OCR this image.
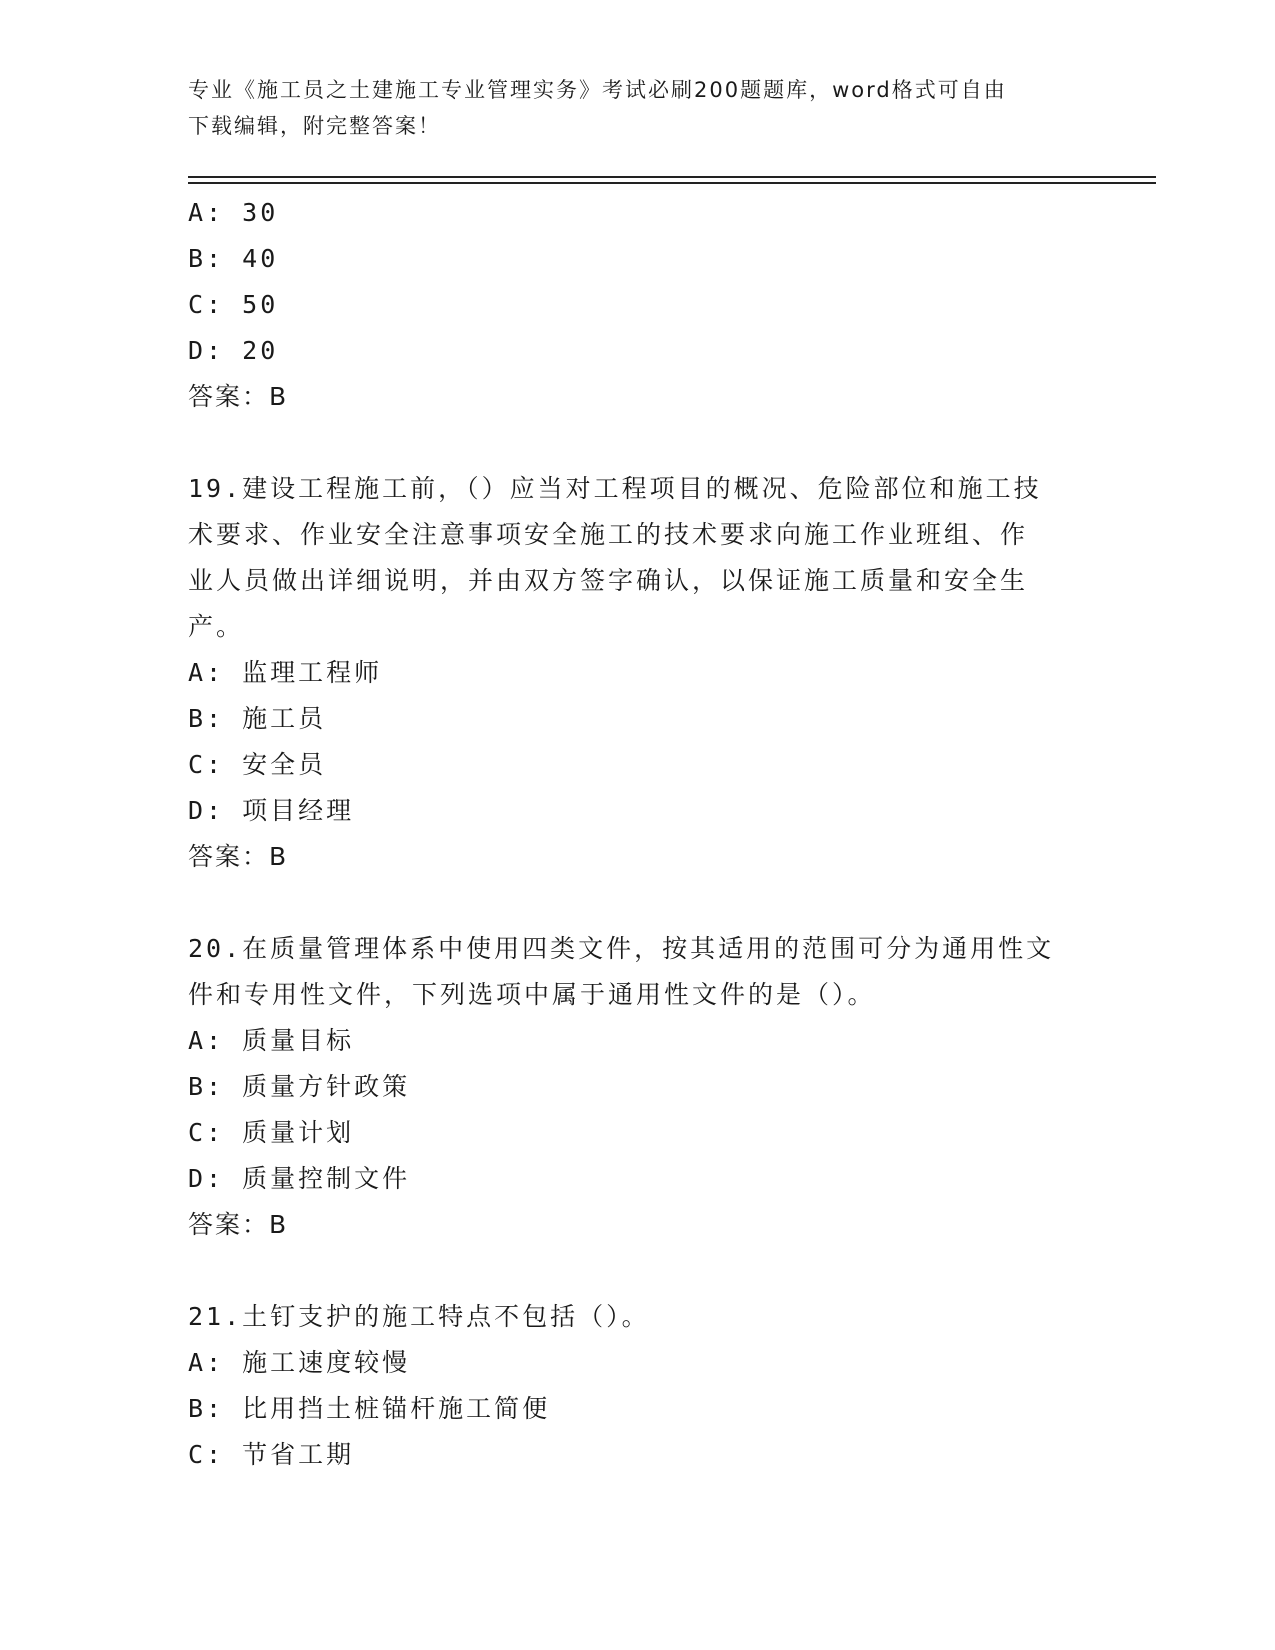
专业《施工员之土建施工专业管理实务》考试必刷200题题库，word格式可自由
下载编辑，附完整答案！
A: 30
B: 40
C: 50
D: 20
答案：B
19.建设工程施工前，（）应当对工程项目的概况、危险部位和施工技
术要求、作业安全注意事项安全施工的技术要求向施工作业班组、作
业人员做出详细说明，并由双方签字确认，以保证施工质量和安全生
产。
A: 监理工程师
B: 施工员
C: 安全员
D: 项目经理
答案：B
20.在质量管理体系中使用四类文件，按其适用的范围可分为通用性文
件和专用性文件，下列选项中属于通用性文件的是（）。
A: 质量目标
B: 质量方针政策
C: 质量计划
D: 质量控制文件
答案：B
21.土钉支护的施工特点不包括（）。
A: 施工速度较慢
B: 比用挡土桩锚杆施工简便
C: 节省工期
